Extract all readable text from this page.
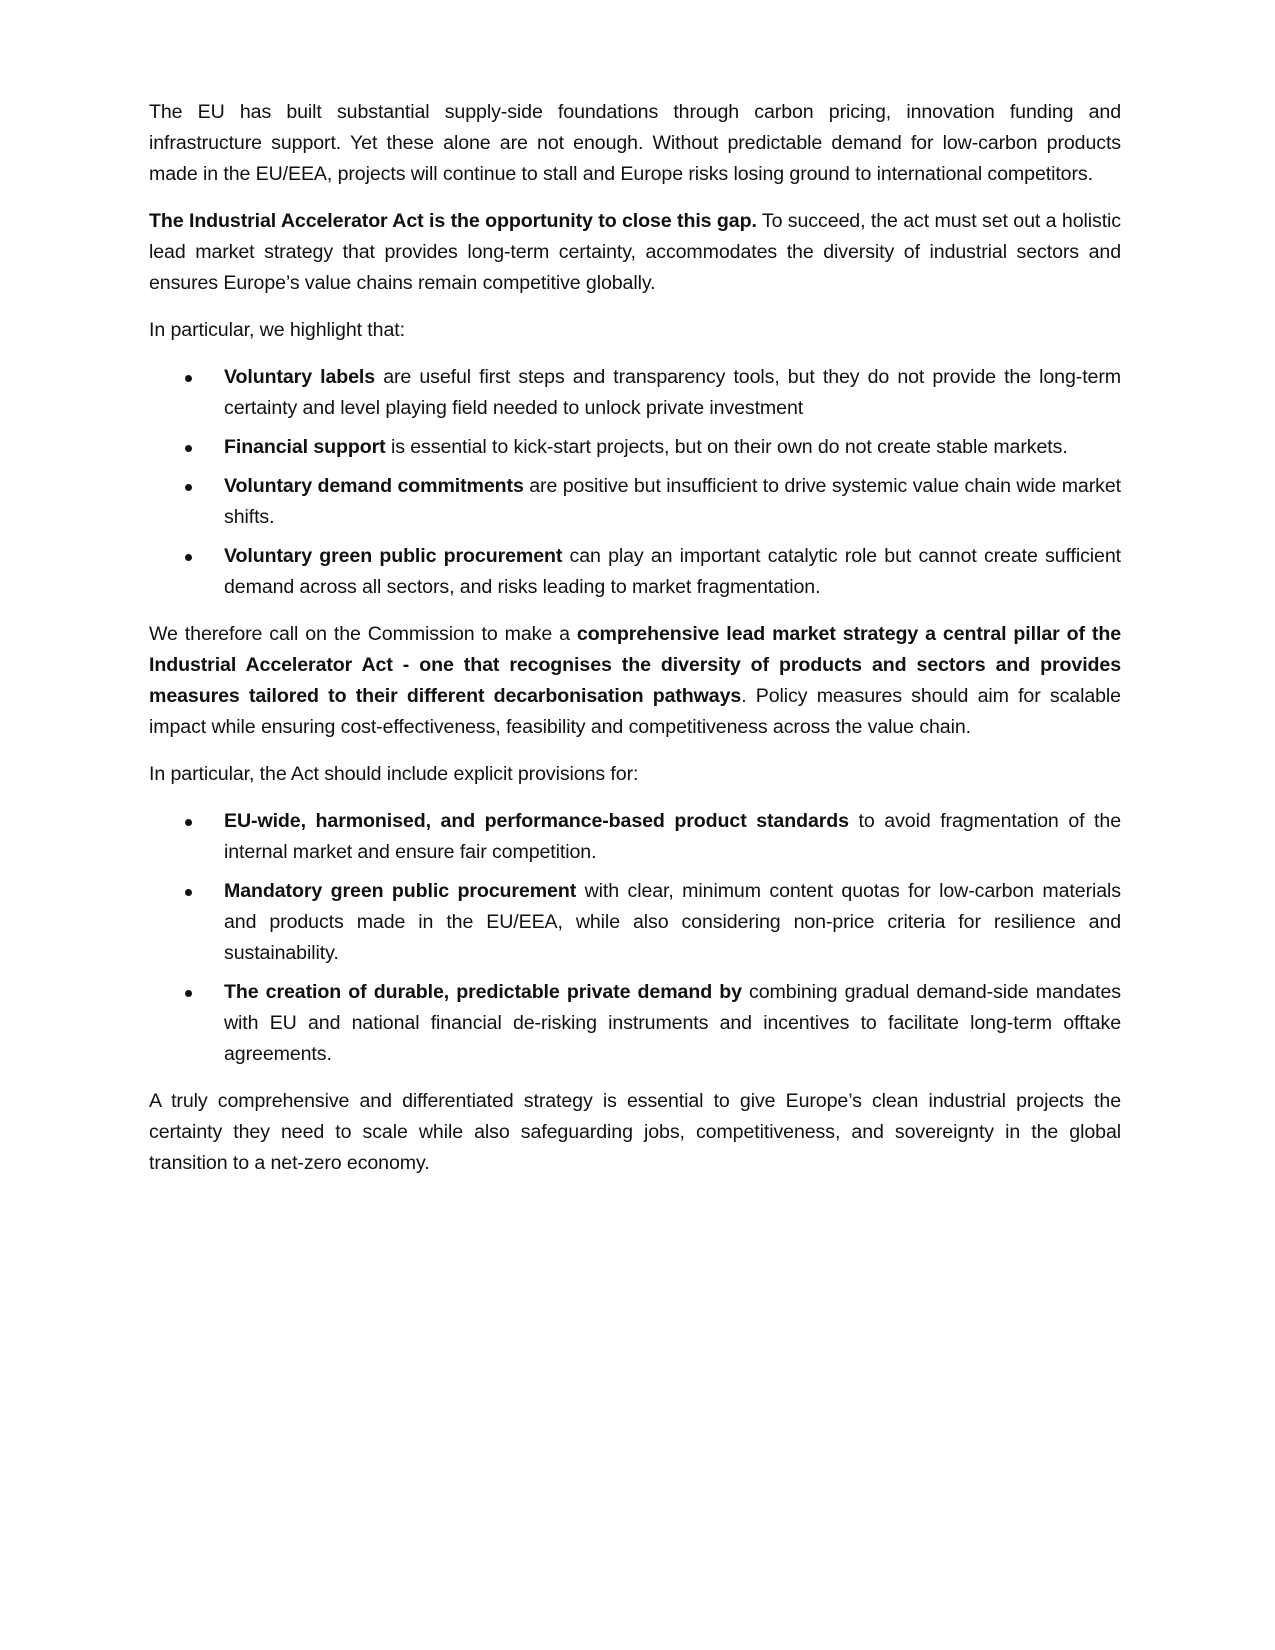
The EU has built substantial supply-side foundations through carbon pricing, innovation funding and infrastructure support. Yet these alone are not enough. Without predictable demand for low-carbon products made in the EU/EEA, projects will continue to stall and Europe risks losing ground to international competitors.

The Industrial Accelerator Act is the opportunity to close this gap. To succeed, the act must set out a holistic lead market strategy that provides long-term certainty, accommodates the diversity of industrial sectors and ensures Europe’s value chains remain competitive globally.

In particular, we highlight that:

Voluntary labels are useful first steps and transparency tools, but they do not provide the long-term certainty and level playing field needed to unlock private investment
Financial support is essential to kick-start projects, but on their own do not create stable markets.
Voluntary demand commitments are positive but insufficient to drive systemic value chain wide market shifts.
Voluntary green public procurement can play an important catalytic role but cannot create sufficient demand across all sectors, and risks leading to market fragmentation.

We therefore call on the Commission to make a comprehensive lead market strategy a central pillar of the Industrial Accelerator Act - one that recognises the diversity of products and sectors and provides measures tailored to their different decarbonisation pathways. Policy measures should aim for scalable impact while ensuring cost-effectiveness, feasibility and competitiveness across the value chain.

In particular, the Act should include explicit provisions for:

EU-wide, harmonised, and performance-based product standards to avoid fragmentation of the internal market and ensure fair competition.
Mandatory green public procurement with clear, minimum content quotas for low-carbon materials and products made in the EU/EEA, while also considering non-price criteria for resilience and sustainability.
The creation of durable, predictable private demand by combining gradual demand-side mandates with EU and national financial de-risking instruments and incentives to facilitate long-term offtake agreements.

A truly comprehensive and differentiated strategy is essential to give Europe’s clean industrial projects the certainty they need to scale while also safeguarding jobs, competitiveness, and sovereignty in the global transition to a net-zero economy.
